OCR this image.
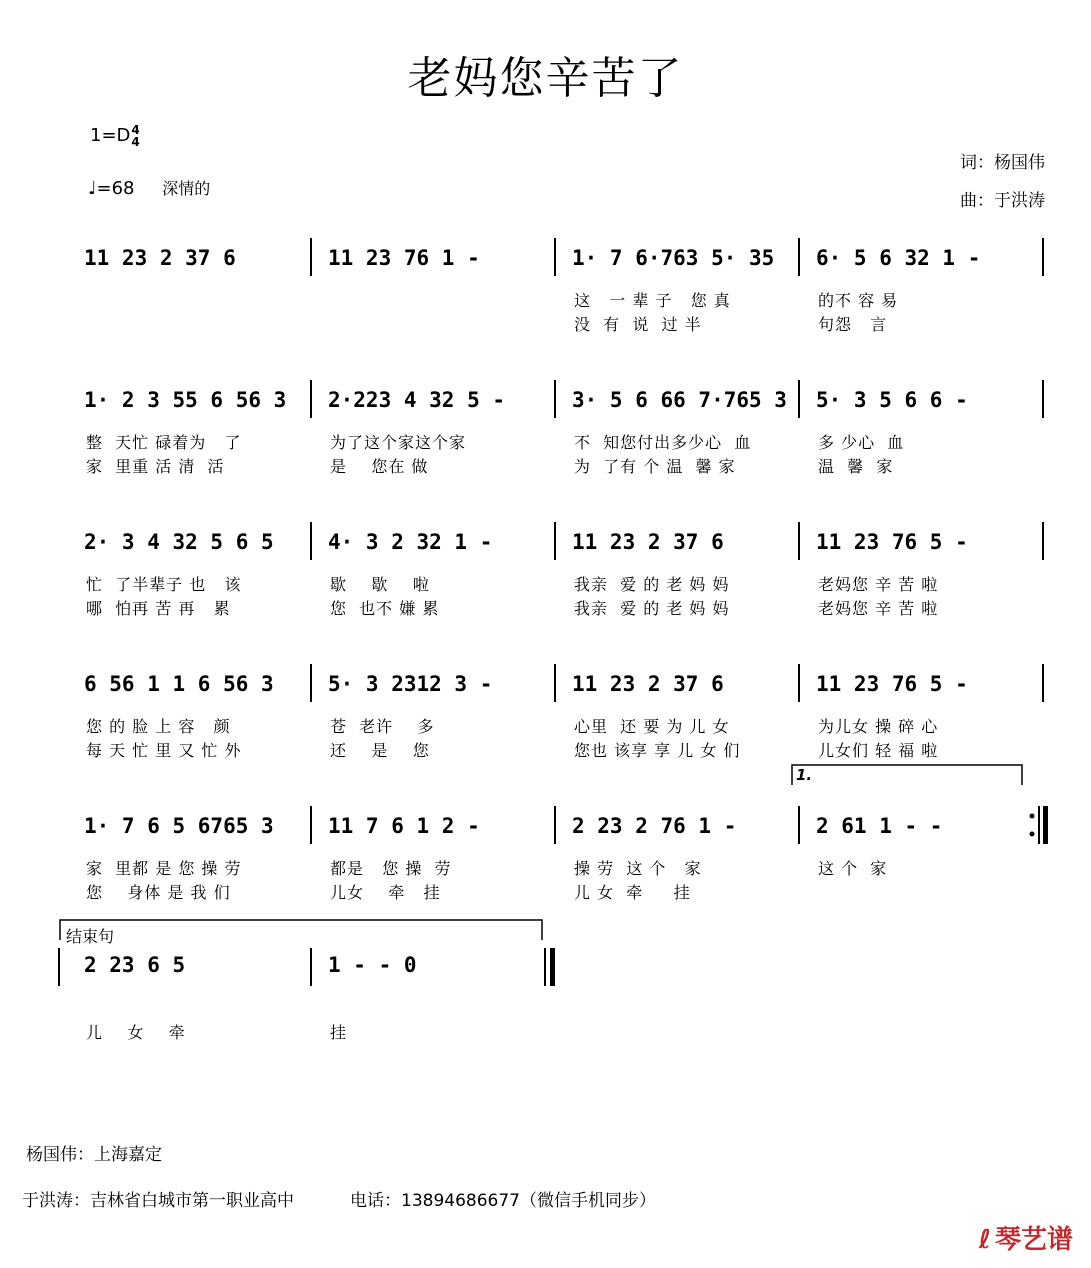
老妈您辛苦了
1=D4
4
♩=68 深情的
词：杨国伟
曲：于洪涛
11 23 2 37 6	11 23 76 1 -	1· 7 6·763 5· 35 6· 5 6 32 1 -
这   一 辈 子   您 真	的不 容 易
没  有  说  过 半	句怨   言
1· 2 3 55 6 56 3 2·223 4 32 5 -	3· 5 6 66 7·765 3 5· 3 5 6 6 -
整  天忙 碌着为   了	为了这个家这个家	不  知您付出多少心  血	多 少心  血
家  里重 活 清  活	是    您在 做	为  了有 个 温  馨 家	温  馨  家
2· 3 4 32 5 6 5	4· 3 2 32 1 -	11 23 2 37 6	11 23 76 5 -
忙  了半辈子 也   该	歇    歇    啦	我亲  爱 的 老 妈 妈	老妈您 辛 苦 啦
哪  怕再 苦 再   累	您  也不 嫌 累	我亲  爱 的 老 妈 妈	老妈您 辛 苦 啦
6 56 1 1 6 56 3	5· 3 2312 3 -	11 23 2 37 6	11 23 76 5 -
您 的 脸 上 容   颜	苍  老许    多	心里  还 要 为 儿 女	为儿女 操 碎 心
每 天 忙 里 又 忙 外	还    是    您	您也 该享 享 儿 女 们	儿女们 轻 福 啦
1· 7 6 5 6765 3	11 7 6 1 2 -	2 23 2 76 1 -	2 61 1 - -
家  里都 是 您 操 劳	都是   您 操  劳	操 劳  这 个   家	这 个  家
您    身体 是 我 们	儿女    牵   挂	儿 女  牵     挂
1.
结束句
2 23 6 5	1 - - 0
儿    女    牵	挂
杨国伟：上海嘉定
于洪涛：吉林省白城市第一职业高中	电话：13894686677（微信手机同步）
ℓ 琴艺谱
